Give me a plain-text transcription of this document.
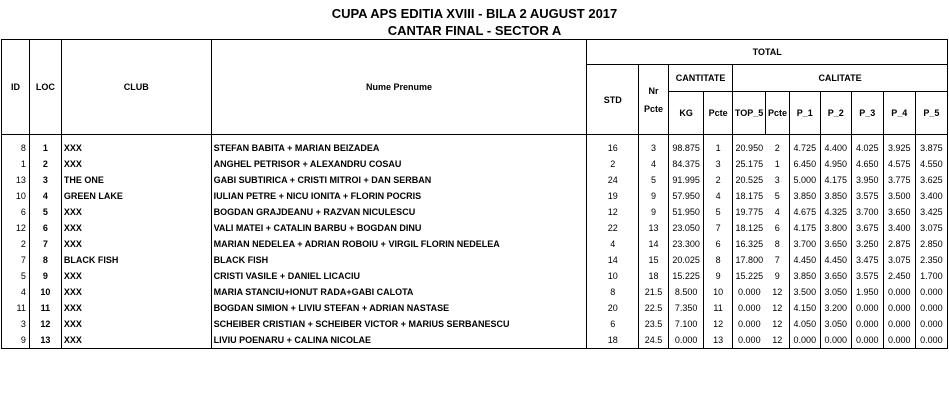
CUPA APS EDITIA XVIII - BILA 2 AUGUST 2017
CANTAR FINAL - SECTOR A
ID	LOC	CLUB	Nume Prenume	TOTAL										
				STD	Nr Pcte	CANTITATE		CALITATE						
						KG	Pcte	TOP_5	Pcte	P_1	P_2	P_3	P_4	P_5
8	1	XXX	STEFAN BABITA + MARIAN BEIZADEA	16	3	98.875	1	20.950	2	4.725	4.400	4.025	3.925	3.875
1	2	XXX	ANGHEL PETRISOR + ALEXANDRU COSAU	2	4	84.375	3	25.175	1	6.450	4.950	4.650	4.575	4.550
13	3	THE ONE	GABI SUBTIRICA + CRISTI MITROI + DAN SERBAN	24	5	91.995	2	20.525	3	5.000	4.175	3.950	3.775	3.625
10	4	GREEN LAKE	IULIAN PETRE + NICU IONITA + FLORIN POCRIS	19	9	57.950	4	18.175	5	3.850	3.850	3.575	3.500	3.400
6	5	XXX	BOGDAN GRAJDEANU + RAZVAN NICULESCU	12	9	51.950	5	19.775	4	4.675	4.325	3.700	3.650	3.425
12	6	XXX	VALI MATEI + CATALIN BARBU + BOGDAN DINU	22	13	23.050	7	18.125	6	4.175	3.800	3.675	3.400	3.075
2	7	XXX	MARIAN NEDELEA + ADRIAN ROBOIU + VIRGIL FLORIN NEDELEA	4	14	23.300	6	16.325	8	3.700	3.650	3.250	2.875	2.850
7	8	BLACK FISH	BLACK FISH	14	15	20.025	8	17.800	7	4.450	4.450	3.475	3.075	2.350
5	9	XXX	CRISTI VASILE + DANIEL LICACIU	10	18	15.225	9	15.225	9	3.850	3.650	3.575	2.450	1.700
4	10	XXX	MARIA STANCIU+IONUT RADA+GABI CALOTA	8	21.5	8.500	10	0.000	12	3.500	3.050	1.950	0.000	0.000
11	11	XXX	BOGDAN SIMION + LIVIU STEFAN + ADRIAN NASTASE	20	22.5	7.350	11	0.000	12	4.150	3.200	0.000	0.000	0.000
3	12	XXX	SCHEIBER CRISTIAN + SCHEIBER VICTOR + MARIUS SERBANESCU	6	23.5	7.100	12	0.000	12	4.050	3.050	0.000	0.000	0.000
9	13	XXX	LIVIU POENARU + CALINA NICOLAE	18	24.5	0.000	13	0.000	12	0.000	0.000	0.000	0.000	0.000
